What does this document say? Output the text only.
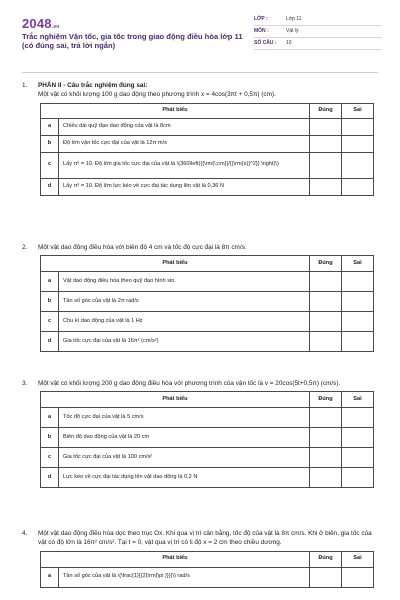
2048.vn
Trắc nghiệm Vận tốc, gia tốc trong giao động điều hòa lớp 11 (có đúng sai, trả lời ngắn)
LỚP :	Lớp 11
MÔN :	Vật lý
SỐ CÂU :	10
1.	PHẦN II - Câu trắc nghiệm đúng sai:
Một vật có khối lượng 100 g dao động theo phương trình x = 4cos(3πt + 0,5π) (cm).
Phát biểu		Đúng	Sai
a	Chiều dài quỹ đạo dao động của vật là 8cm		
b	Độ lớn vận tốc cực đại của vật là 12π m/s		
c	Lấy π² = 10. Độ lớn gia tốc cực đại của vật là \(360\left({{\rm{\;cm}}/{{\rm{s}}^2}} \right)\)		
d	Lấy π² = 10. Độ lớn lực kéo về cực đại tác dụng lên vật là 0,36 N		
2.	Một vật dao động điều hòa với biên độ 4 cm và tốc độ cực đại là 8π cm/s.
Phát biểu		Đúng	Sai
a	Vật dao động điều hòa theo quỹ đạo hình sin.		
b	Tần số góc của vật là 2π rad/s		
c	Chu kì dao động của vật là 1 Hz		
d	Gia tốc cực đại của vật là 16π² (cm/s²)		
3.	Một vật có khối lượng 200 g dao động điều hòa với phương trình của vận tốc là v = 20cos(5t+0,5π) (cm/s).
Phát biểu		Đúng	Sai
a	Tốc độ cực đại của vật là 5 cm/s		
b	Biên độ dao động của vật là 20 cm		
c	Gia tốc cực đại của vật là 100 cm/s²		
d	Lực kéo về cực đại tác dụng lên vật dao động là 0,2 N		
4.	Một vật dao động điều hòa dọc theo trục Ox. Khi qua vị trí cân bằng, tốc độ của vật là 8π cm/s. Khi ở biên, gia tốc của vật có độ lớn là 16π² cm/s². Tại t = 0, vật qua vị trí có li độ x = 2 cm theo chiều dương.
Phát biểu		Đúng	Sai
a	Tần số góc của vật là \(\frac{1}{{2{\rm{\pi }}}}\) rad/s		
